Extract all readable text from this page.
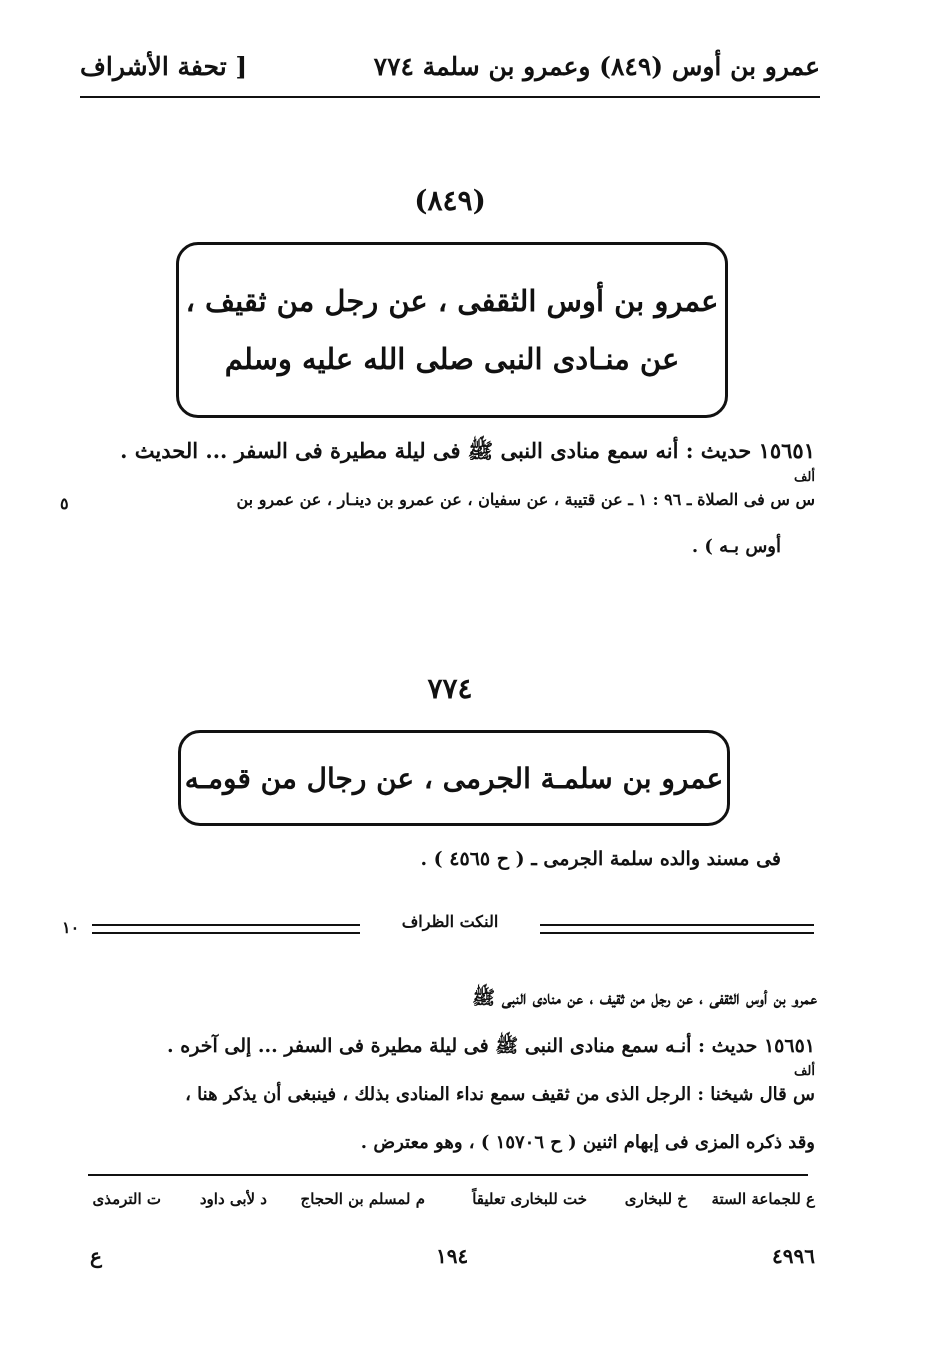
عمرو بن أوس (٨٤٩) وعمرو بن سلمة ٧٧٤
[ تحفة الأشراف
(٨٤٩)
عمرو بن أوس الثقفى ، عن رجل من ثقيف ،
عن منـادى النبى صلى الله عليه وسلم
١٥٦٥١ حديث : أنه سمع منادى النبى ﷺ فى ليلة مطيرة فى السفر ... الحديث .
ألف
س س فى الصلاة ـ ٩٦ : ١ ـ عن قتيبة ، عن سفيان ، عن عمرو بن دينـار ، عن عمرو بن
٥
أوس بـه ) .
٧٧٤
عمرو بن سلمـة الجرمى ، عن رجال من قومـه
فى مسند والده سلمة الجرمى ـ ( ح ٤٥٦٥ ) .
النكت الظراف
١٠
عمرو بن أوس الثقفى ، عن رجل من ثقيف ، عن منادى النبى ﷺ
١٥٦٥١ حديث : أنـه سمع منادى النبى ﷺ فى ليلة مطيرة فى السفر ... إلى آخره .
ألف
س قال شيخنا : الرجل الذى من ثقيف سمع نداء المنادى بذلك ، فينبغى أن يذكر هنا ،
وقد ذكره المزى فى إبهام اثنين ( ح ١٥٧٠٦ ) ، وهو معترض .
ع للجماعة الستة
خ للبخارى
خت للبخارى تعليقاً
م لمسلم بن الحجاج
د لأبى داود
ت الترمذى
٤٩٩٦
١٩٤
ع
